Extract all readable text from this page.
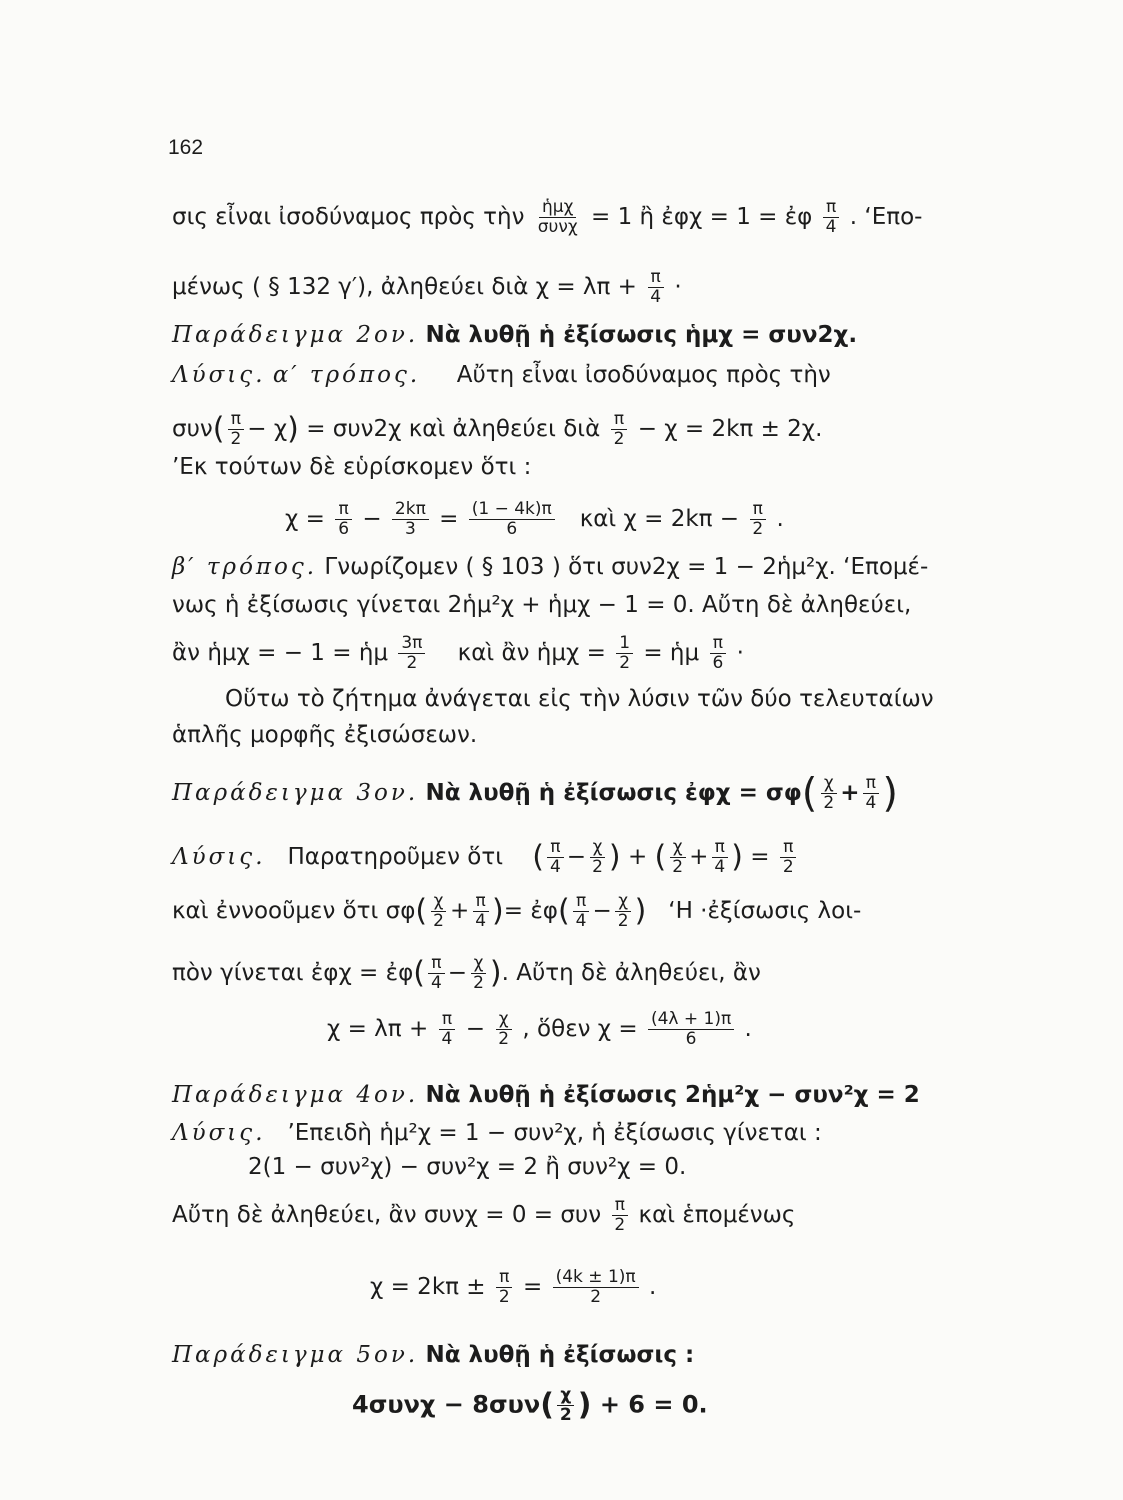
162
σις εἶναι ἰσοδύναμος πρὸς τὴν ἡμχ
συνχ = 1 ἢ ἐφχ = 1 = ἐφ $\frac{\pi}{4}$ . ‘Επο-
μένως ( § 132 γ′), ἀληθεύει διὰ $\chi = \lambda\pi + \frac{\pi}{4}$ ·
Παράδειγμα 2ον. Νὰ λυθῇ ἡ ἐξίσωσις ἡμχ = συν2χ.
Λύσις. α′ τρόπος. Αὔτη εἶναι ἰσοδύναμος πρὸς τὴν
$\sigma\upsilon\nu( \frac{\pi}{2} - \chi) = \sigma\upsilon\nu 2\chi$ καὶ ἀληθεύει διὰ $\frac{\pi}{2} - \chi = 2k\pi \pm 2\chi$.
’Εκ τούτων δὲ εὑρίσκομεν ὅτι :
$\chi = \frac{\pi}{6} - \frac{2k\pi}{3} = \frac{(1 - 4k)\pi}{6}$ καὶ $\chi = 2k\pi - \frac{\pi}{2}$ .
β′ τρόπος. Γνωρίζομεν ( § 103 ) ὅτι συν2χ = 1 − 2ἡμ²χ. ‘Επομέ-
νως ἡ ἐξίσωσις γίνεται 2ἡμ²χ + ἡμχ − 1 = 0. Αὔτη δὲ ἀληθεύει,
ἂν ἡμχ = − 1 = ἡμ $\frac{3\pi}{2}$ καὶ ἂν ἡμχ = $\frac{1}{2}$ = ἡμ $\frac{\pi}{6}$ ·
Οὕτω τὸ ζήτημα ἀνάγεται εἰς τὴν λύσιν τῶν δύο τελευταίων
ἁπλῆς μορφῆς ἐξισώσεων.
Παράδειγμα 3ον. Νὰ λυθῇ ἡ ἐξίσωσις ἐφχ = $\sigma\varphi( \frac{\chi}{2} + \frac{\pi}{4}$ )
Λύσις. Παρατηροῦμεν ὅτι ( $\frac{\pi}{4} - \frac{\chi}{2}$ ) + ( $\frac{\chi}{2} + \frac{\pi}{4}$ ) = $\frac{\pi}{2}$
καὶ ἐννοοῦμεν ὅτι $\sigma\varphi( \frac{\chi}{2} + \frac{\pi}{4}$ )= ἐφ( $\frac{\pi}{4} - \frac{\chi}{2}$ ) ‘Η ·ἐξίσωσις λοι-
πὸν γίνεται ἐφχ = ἐφ( $\frac{\pi}{4} - \frac{\chi}{2}$ ). Αὔτη δὲ ἀληθεύει, ἂν
$\chi = \lambda\pi + \frac{\pi}{4} - \frac{\chi}{2}$ , ὅθεν $\chi = \frac{(4\lambda + 1)\pi}{6}$ .
Παράδειγμα 4ον. Νὰ λυθῇ ἡ ἐξίσωσις 2ἡμ²χ − συν²χ = 2
Λύσις. ’Επειδὴ ἡμ²χ = 1 − συν²χ, ἡ ἐξίσωσις γίνεται :
2(1 − συν²χ) − συν²χ = 2 ἢ συν²χ = 0.
Αὔτη δὲ ἀληθεύει, ἂν συνχ = 0 = συν $\frac{\pi}{2}$ καὶ ἑπομένως
$\chi = 2k\pi \pm \frac{\pi}{2} = \frac{(4k \pm 1)\pi}{2}$ .
Παράδειγμα 5ον. Νὰ λυθῇ ἡ ἐξίσωσις :
$4\sigma\upsilon\nu\chi - 8\sigma\upsilon\nu( \frac{\chi}{2}$ ) + 6 = 0.
